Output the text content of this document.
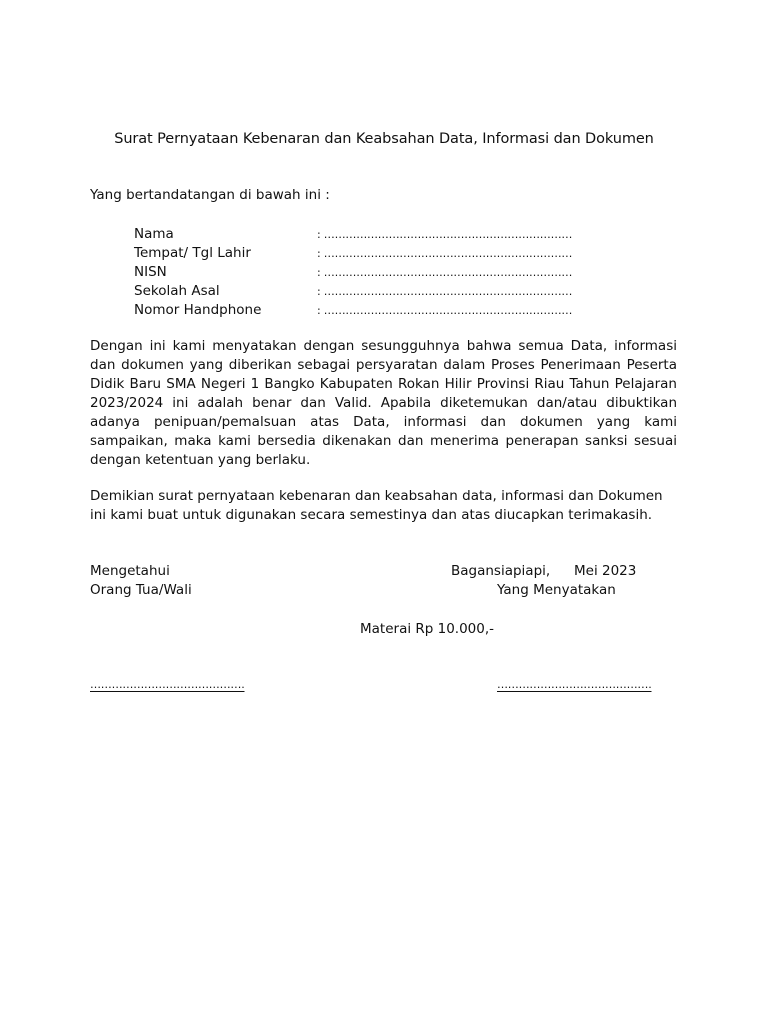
Surat Pernyataan Kebenaran dan Keabsahan Data, Informasi dan Dokumen
Yang bertandatangan di bawah ini :
Nama	: ……………………………………………………………
Tempat/ Tgl Lahir	: ……………………………………………………………
NISN	: ……………………………………………………………
Sekolah Asal	: ……………………………………………………………
Nomor Handphone	: ……………………………………………………………

Dengan ini kami menyatakan dengan sesungguhnya bahwa semua Data, informasi dan dokumen yang diberikan sebagai persyaratan dalam Proses Penerimaan Peserta Didik Baru SMA Negeri 1 Bangko Kabupaten Rokan Hilir Provinsi Riau Tahun Pelajaran 2023/2024 ini adalah benar dan Valid. Apabila diketemukan dan/atau dibuktikan adanya penipuan/pemalsuan atas Data, informasi dan dokumen yang kami sampaikan, maka kami bersedia dikenakan dan menerima penerapan sanksi sesuai dengan ketentuan yang berlaku.

Demikian surat pernyataan kebenaran dan keabsahan data, informasi dan Dokumen ini kami buat untuk digunakan secara semestinya dan atas diucapkan terimakasih.

Mengetahui
Orang Tua/Wali
Bagansiapiapi, Mei 2023
Yang Menyatakan
Materai Rp 10.000,-
…………………………………….	…………………………………….
